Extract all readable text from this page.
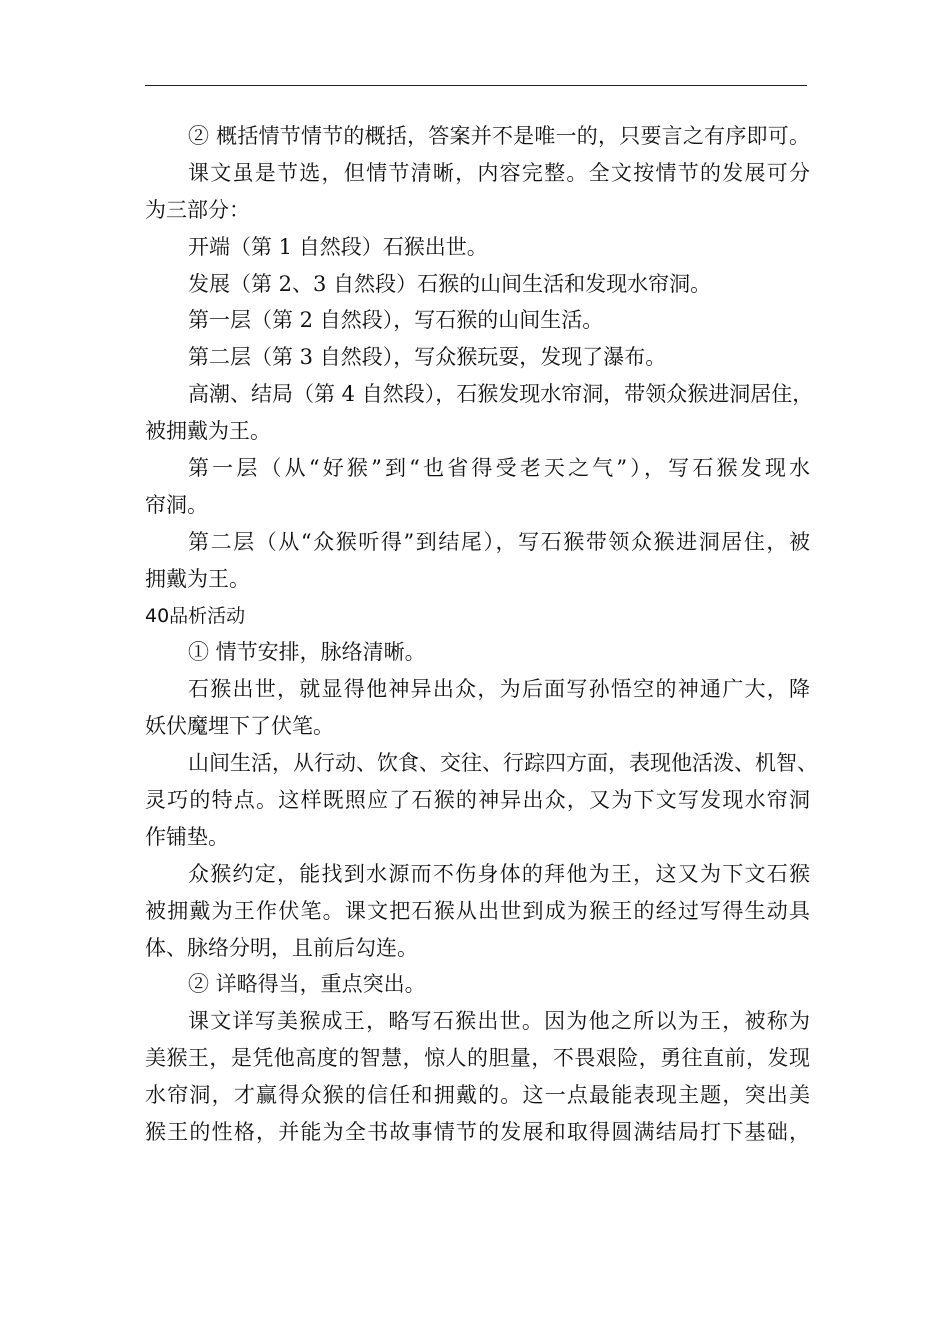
② 概括情节情节的概括，答案并不是唯一的，只要言之有序即可。
课文虽是节选，但情节清晰，内容完整。全文按情节的发展可分
为三部分：
开端（第 1 自然段）石猴出世。
发展（第 2、3 自然段）石猴的山间生活和发现水帘洞。
第一层（第 2 自然段），写石猴的山间生活。
第二层（第 3 自然段），写众猴玩耍，发现了瀑布。
高潮、结局（第 4 自然段），石猴发现水帘洞，带领众猴进洞居住，
被拥戴为王。
第一层（从“好猴”到“也省得受老天之气”），写石猴发现水
帘洞。
第二层（从“众猴听得”到结尾），写石猴带领众猴进洞居住，被
拥戴为王。
40品析活动
① 情节安排，脉络清晰。
石猴出世，就显得他神异出众，为后面写孙悟空的神通广大，降
妖伏魔埋下了伏笔。
山间生活，从行动、饮食、交往、行踪四方面，表现他活泼、机智、
灵巧的特点。这样既照应了石猴的神异出众，又为下文写发现水帘洞
作铺垫。
众猴约定，能找到水源而不伤身体的拜他为王，这又为下文石猴
被拥戴为王作伏笔。课文把石猴从出世到成为猴王的经过写得生动具
体、脉络分明，且前后勾连。
② 详略得当，重点突出。
课文详写美猴成王，略写石猴出世。因为他之所以为王，被称为
美猴王，是凭他高度的智慧，惊人的胆量，不畏艰险，勇往直前，发现
水帘洞，才赢得众猴的信任和拥戴的。这一点最能表现主题，突出美
猴王的性格，并能为全书故事情节的发展和取得圆满结局打下基础，
